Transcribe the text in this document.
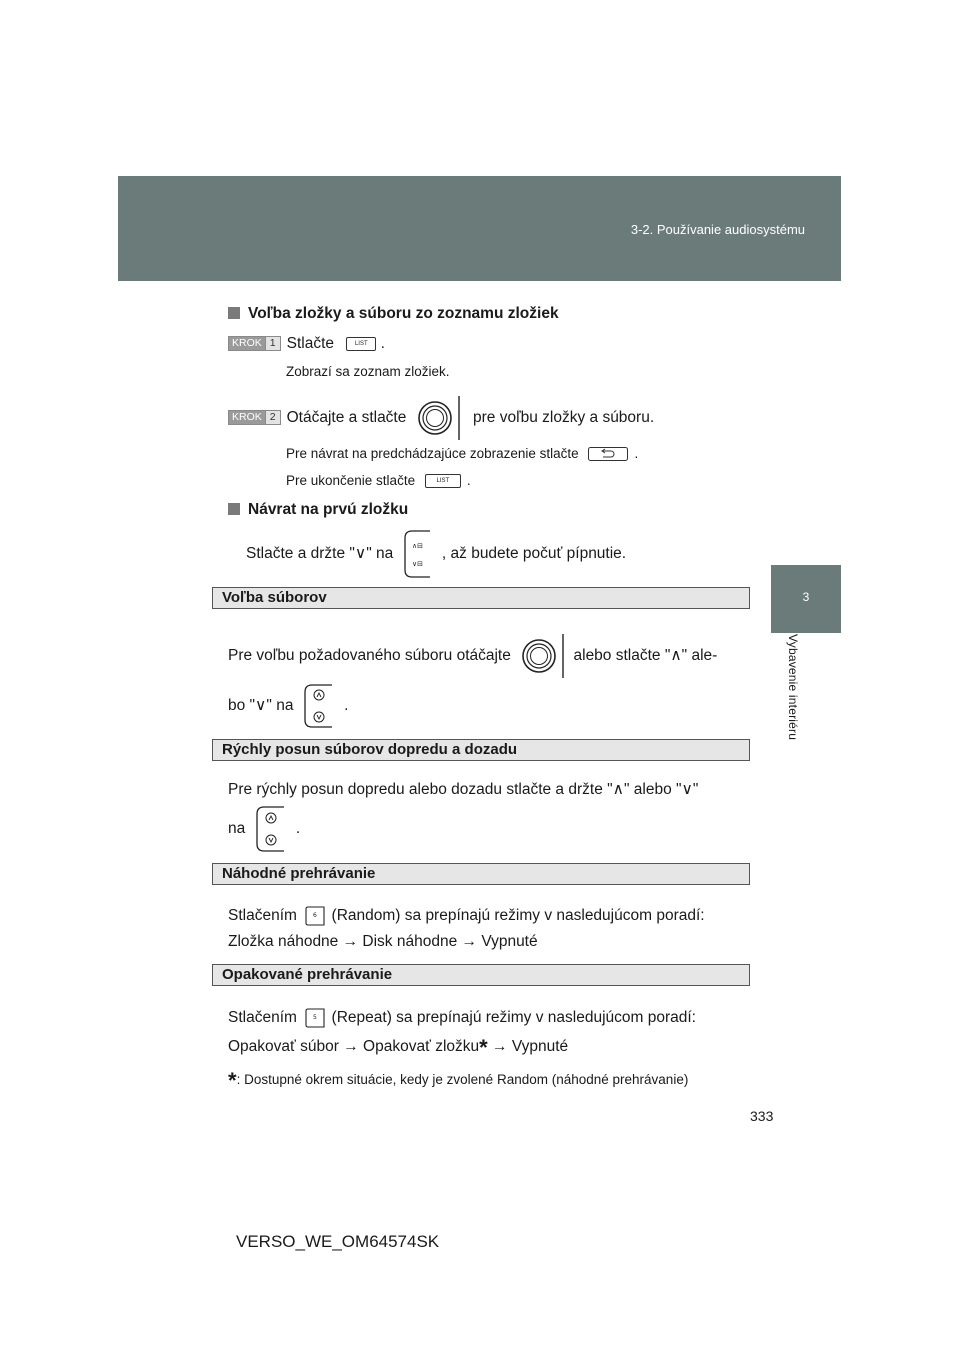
3-2. Používanie audiosystému
3
Vybavenie interiéru
Voľba zložky a súboru zo zoznamu zložiek
KROK 1 Stlačte	LIST .
Zobrazí sa zoznam zložiek.
KROK 2 Otáčajte a stlačte	pre voľbu zložky a súboru.
Pre návrat na predchádzajúce zobrazenie stlačte	.
Pre ukončenie stlačte	LIST .
Návrat na prvú zložku
Stlačte a držte "∨" na	∧⊟
∨⊟
, až budete počuť pípnutie.
Voľba súborov
Pre voľbu požadovaného súboru otáčajte	alebo stlačte "∧" ale-
bo "∨" na	.
Rýchly posun súborov dopredu a dozadu
Pre rýchly posun dopredu alebo dozadu stlačte a držte "∧" alebo "∨"
na	.
Náhodné prehrávanie
Stlačením	6 (Random) sa prepínajú režimy v nasledujúcom poradí:
Zložka náhodne → Disk náhodne → Vypnuté
Opakované prehrávanie
Stlačením	5 (Repeat) sa prepínajú režimy v nasledujúcom poradí:
Opakovať súbor → Opakovať zložku* → Vypnuté
*: Dostupné okrem situácie, kedy je zvolené Random (náhodné prehrávanie)
333
VERSO_WE_OM64574SK
